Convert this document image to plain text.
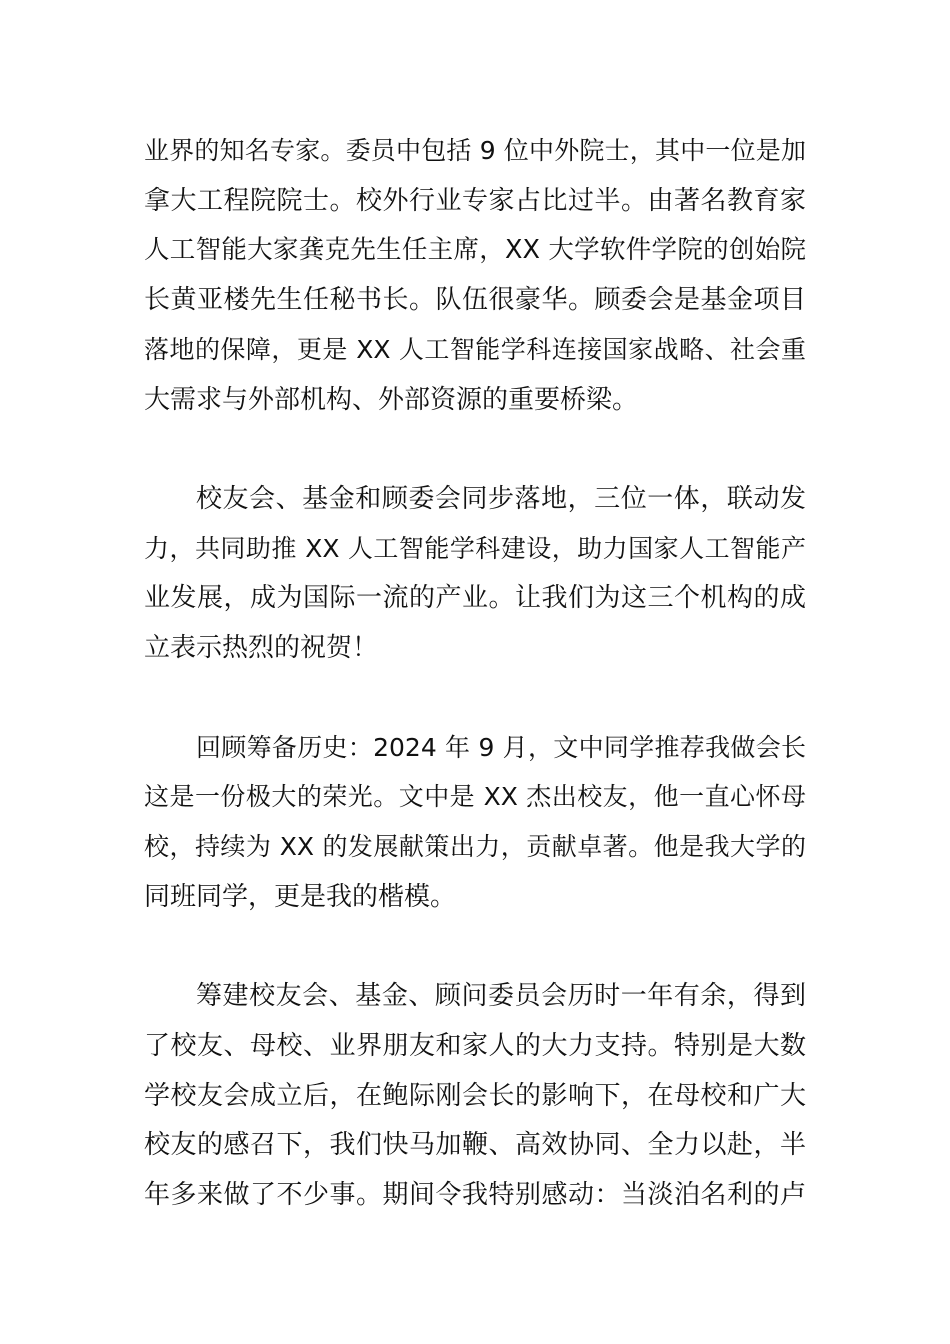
业界的知名专家。委员中包括 9 位中外院士，其中一位是加
拿大工程院院士。校外行业专家占比过半。由著名教育家
人工智能大家龚克先生任主席，XX 大学软件学院的创始院
长黄亚楼先生任秘书长。队伍很豪华。顾委会是基金项目
落地的保障，更是 XX 人工智能学科连接国家战略、社会重
大需求与外部机构、外部资源的重要桥梁。
校友会、基金和顾委会同步落地，三位一体，联动发
力，共同助推 XX 人工智能学科建设，助力国家人工智能产
业发展，成为国际一流的产业。让我们为这三个机构的成
立表示热烈的祝贺！
回顾筹备历史：2024 年 9 月，文中同学推荐我做会长
这是一份极大的荣光。文中是 XX 杰出校友，他一直心怀母
校，持续为 XX 的发展献策出力，贡献卓著。他是我大学的
同班同学，更是我的楷模。
筹建校友会、基金、顾问委员会历时一年有余，得到
了校友、母校、业界朋友和家人的大力支持。特别是大数
学校友会成立后，在鲍际刚会长的影响下，在母校和广大
校友的感召下，我们快马加鞭、高效协同、全力以赴，半
年多来做了不少事。期间令我特别感动：当淡泊名利的卢
